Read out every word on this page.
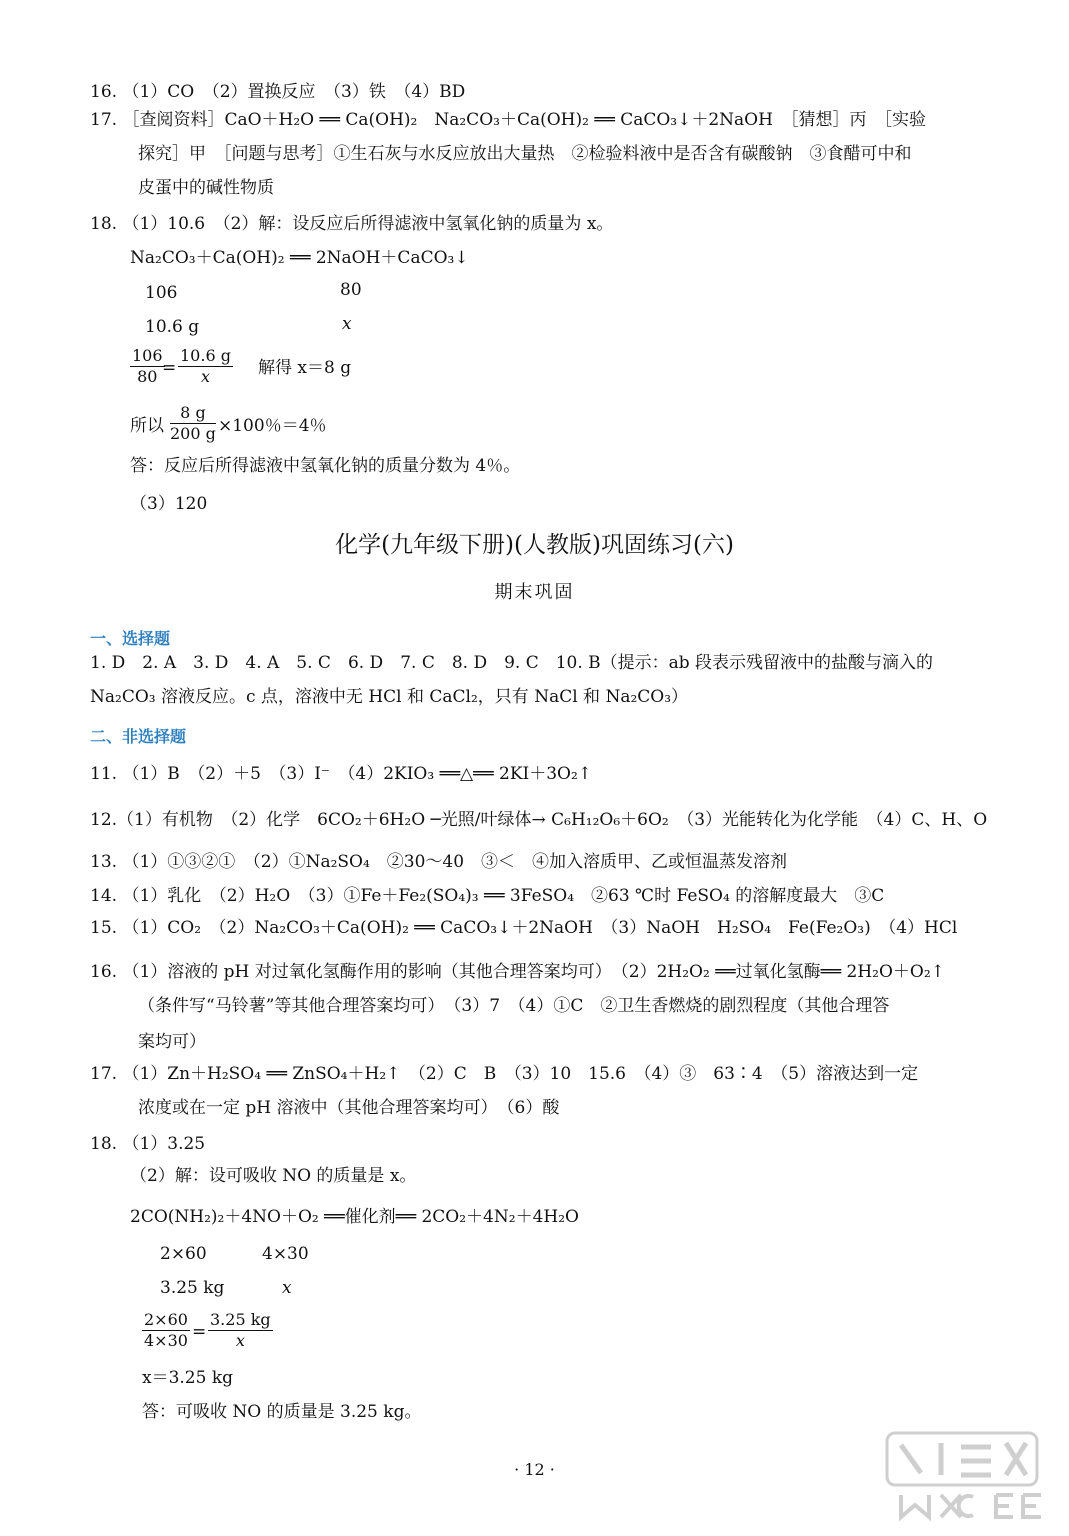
16. （1）CO　（2）置换反应　（3）铁　（4）BD
17. ［查阅资料］CaO＋H₂O ══ Ca(OH)₂　Na₂CO₃＋Ca(OH)₂ ══ CaCO₃↓＋2NaOH　［猜想］丙　［实验
探究］甲　［问题与思考］①生石灰与水反应放出大量热　②检验料液中是否含有碳酸钠　③食醋可中和
皮蛋中的碱性物质
18. （1）10.6　（2）解：设反应后所得滤液中氢氧化钠的质量为 x。
Na₂CO₃＋Ca(OH)₂ ══ 2NaOH＋CaCO₃↓
106	80
10.6 g	x
$\frac{106}{80}$
= $\frac{10.6 g}{x}$ 解得 x＝8 g
所以 $\frac{8 g}{200 g} \times 100$％＝4％
答：反应后所得滤液中氢氧化钠的质量分数为 4％。
（3）120
化学(九年级下册)(人教版)巩固练习(六)
期末巩固
一、选择题
1. D　2. A　3. D　4. A　5. C　6. D　7. C　8. D　9. C　10. B（提示：ab 段表示残留液中的盐酸与滴入的
Na₂CO₃ 溶液反应。c 点，溶液中无 HCl 和 CaCl₂，只有 NaCl 和 Na₂CO₃）
二、非选择题
11. （1）B　（2）＋5　（3）I⁻　（4）2KIO₃ ══△══ 2KI＋3O₂↑
12.（1）有机物　（2）化学　6CO₂＋6H₂O ─光照/叶绿体→ C₆H₁₂O₆＋6O₂　（3）光能转化为化学能　（4）C、H、O
13. （1）①③②①　（2）①Na₂SO₄　②30～40　③＜　④加入溶质甲、乙或恒温蒸发溶剂
14. （1）乳化　（2）H₂O　（3）①Fe＋Fe₂(SO₄)₃ ══ 3FeSO₄　②63 ℃时 FeSO₄ 的溶解度最大　③C
15. （1）CO₂　（2）Na₂CO₃＋Ca(OH)₂ ══ CaCO₃↓＋2NaOH　（3）NaOH　H₂SO₄　Fe(Fe₂O₃)　（4）HCl
16. （1）溶液的 pH 对过氧化氢酶作用的影响（其他合理答案均可）　（2）2H₂O₂ ══过氧化氢酶══ 2H₂O＋O₂↑
（条件写“马铃薯”等其他合理答案均可）　（3）7　（4）①C　②卫生香燃烧的剧烈程度（其他合理答
案均可）
17. （1）Zn＋H₂SO₄ ══ ZnSO₄＋H₂↑　（2）C　B　（3）10　15.6　（4）③　63∶4　（5）溶液达到一定
浓度或在一定 pH 溶液中（其他合理答案均可）　（6）酸
18. （1）3.25
（2）解：设可吸收 NO 的质量是 x。
2CO(NH₂)₂＋4NO＋O₂ ══催化剂══ 2CO₂＋4N₂＋4H₂O
2×60	4×30
3.25 kg	x
$\frac{2\times 60}{4\times 30} = \frac{3.25 kg}{x}$
x＝3.25 kg
答：可吸收 NO 的质量是 3.25 kg。
· 12 ·
